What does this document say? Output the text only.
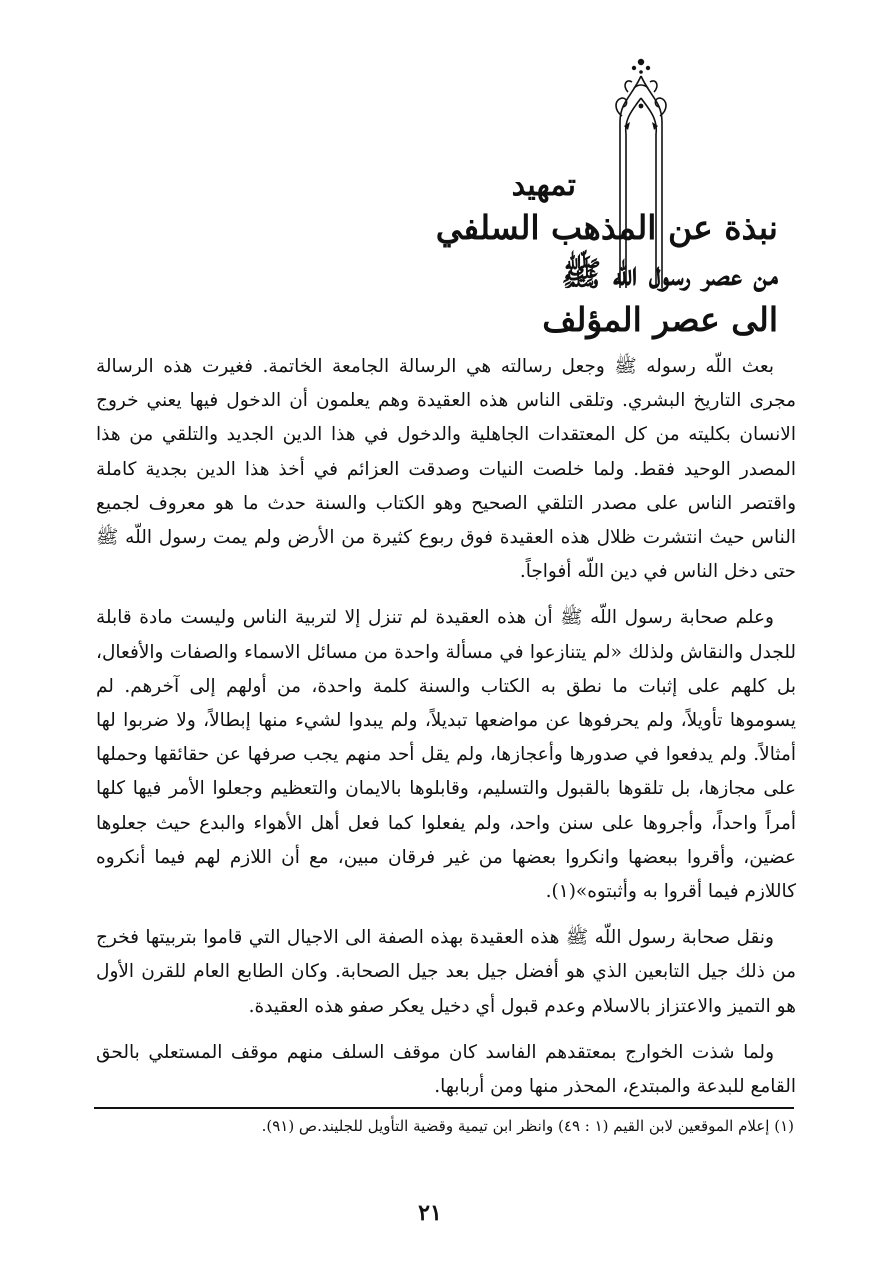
تمهيد
نبذة عن المذهب السلفي
من عصر رسول اللّه ﷺ
الى عصر المؤلف

بعث اللّه رسوله ﷺ وجعل رسالته هي الرسالة الجامعة الخاتمة. فغيرت هذه الرسالة مجرى التاريخ البشري. وتلقى الناس هذه العقيدة وهم يعلمون أن الدخول فيها يعني خروج الانسان بكليته من كل المعتقدات الجاهلية والدخول في هذا الدين الجديد والتلقي من هذا المصدر الوحيد فقط. ولما خلصت النيات وصدقت العزائم في أخذ هذا الدين بجدية كاملة واقتصر الناس على مصدر التلقي الصحيح وهو الكتاب والسنة حدث ما هو معروف لجميع الناس حيث انتشرت ظلال هذه العقيدة فوق ربوع كثيرة من الأرض ولم يمت رسول اللّه ﷺ حتى دخل الناس في دين اللّه أفواجاً.

وعلم صحابة رسول اللّه ﷺ أن هذه العقيدة لم تنزل إلا لتربية الناس وليست مادة قابلة للجدل والنقاش ولذلك «لم يتنازعوا في مسألة واحدة من مسائل الاسماء والصفات والأفعال، بل كلهم على إثبات ما نطق به الكتاب والسنة كلمة واحدة، من أولهم إلى آخرهم. لم يسوموها تأويلاً، ولم يحرفوها عن مواضعها تبديلاً، ولم يبدوا لشيء منها إبطالاً، ولا ضربوا لها أمثالاً. ولم يدفعوا في صدورها وأعجازها، ولم يقل أحد منهم يجب صرفها عن حقائقها وحملها على مجازها، بل تلقوها بالقبول والتسليم، وقابلوها بالايمان والتعظيم وجعلوا الأمر فيها كلها أمراً واحداً، وأجروها على سنن واحد، ولم يفعلوا كما فعل أهل الأهواء والبدع حيث جعلوها عضين، وأقروا ببعضها وانكروا بعضها من غير فرقان مبين، مع أن اللازم لهم فيما أنكروه كاللازم فيما أقروا به وأثبتوه»(١).

ونقل صحابة رسول اللّه ﷺ هذه العقيدة بهذه الصفة الى الاجيال التي قاموا بتربيتها فخرج من ذلك جيل التابعين الذي هو أفضل جيل بعد جيل الصحابة. وكان الطابع العام للقرن الأول هو التميز والاعتزاز بالاسلام وعدم قبول أي دخيل يعكر صفو هذه العقيدة.

ولما شذت الخوارج بمعتقدهم الفاسد كان موقف السلف منهم موقف المستعلي بالحق القامع للبدعة والمبتدع، المحذر منها ومن أربابها.

(١) إعلام الموقعين لابن القيم (١ : ٤٩) وانظر ابن تيمية وقضية التأويل للجليند.ص (٩١).
٢١
